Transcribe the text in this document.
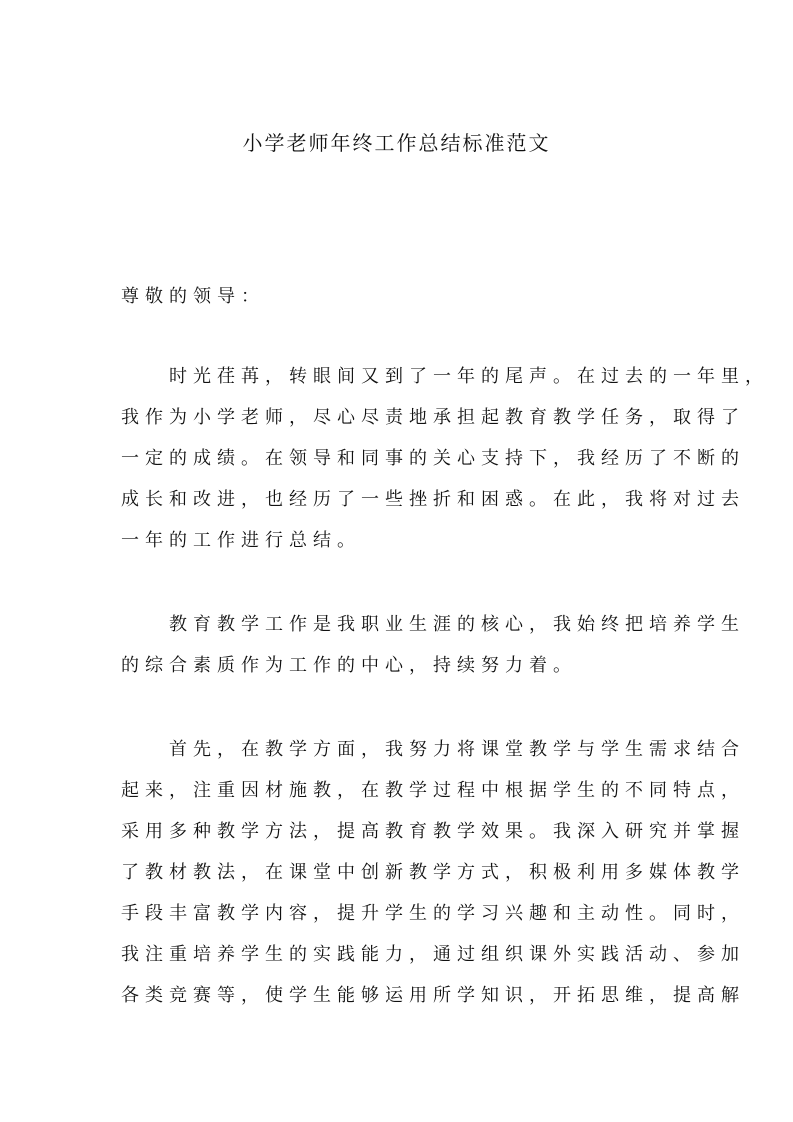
小学老师年终工作总结标准范文
尊敬的领导：
时光荏苒，转眼间又到了一年的尾声。在过去的一年里，
我作为小学老师，尽心尽责地承担起教育教学任务，取得了
一定的成绩。在领导和同事的关心支持下，我经历了不断的
成长和改进，也经历了一些挫折和困惑。在此，我将对过去
一年的工作进行总结。
教育教学工作是我职业生涯的核心，我始终把培养学生
的综合素质作为工作的中心，持续努力着。
首先，在教学方面，我努力将课堂教学与学生需求结合
起来，注重因材施教，在教学过程中根据学生的不同特点，
采用多种教学方法，提高教育教学效果。我深入研究并掌握
了教材教法，在课堂中创新教学方式，积极利用多媒体教学
手段丰富教学内容，提升学生的学习兴趣和主动性。同时，
我注重培养学生的实践能力，通过组织课外实践活动、参加
各类竞赛等，使学生能够运用所学知识，开拓思维，提高解
